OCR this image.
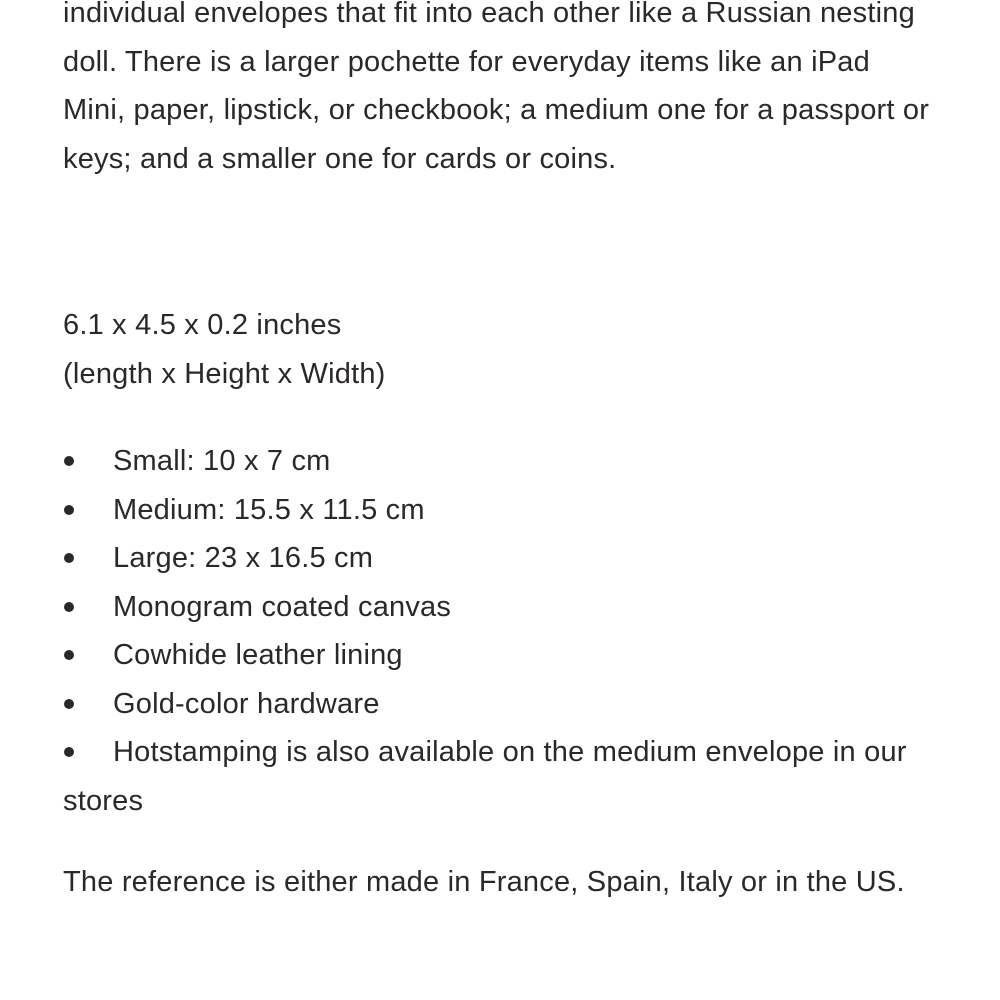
individual envelopes that fit into each other like a Russian nesting doll. There is a larger pochette for everyday items like an iPad Mini, paper, lipstick, or checkbook; a medium one for a passport or keys; and a smaller one for cards or coins.

6.1 x 4.5 x 0.2 inches

(length x Height x Width)

Small: 10 x 7 cm
Medium: 15.5 x 11.5 cm
Large: 23 x 16.5 cm
Monogram coated canvas
Cowhide leather lining
Gold-color hardware
Hotstamping is also available on the medium envelope in our stores

The reference is either made in France, Spain, Italy or in the US.
